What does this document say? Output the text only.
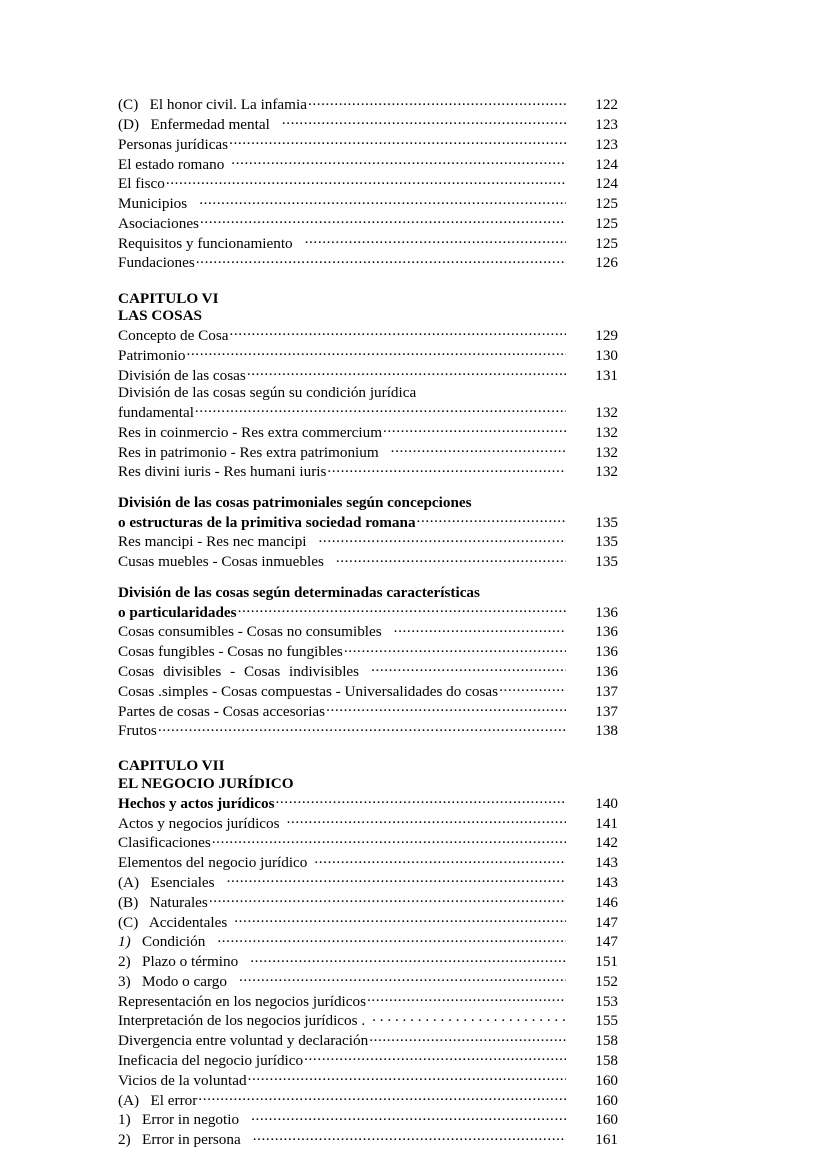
(C) El honor civil. La infamia .....	122
(D) Enfermedad mental .....	123
Personas jurídicas .....	123
El estado romano .....	124
El fisco .....	124
Municipios .....	125
Asociaciones .....	125
Requisitos y funcionamiento .....	125
Fundaciones .....	126
CAPITULO VI
LAS COSAS
Concepto de Cosa .....	129
Patrimonio .....	130
División de las cosas .....	131
División de las cosas según su condición jurídica
fundamental .....	132
Res in coinmercio - Res extra commercium .....	132
Res in patrimonio - Res extra patrimonium .....	132
Res divini iuris - Res humani iuris .....	132
División de las cosas patrimoniales según concepciones
o estructuras de la primitiva sociedad romana .....	135
Res mancipi - Res nec mancipi .....	135
Cusas muebles - Cosas inmuebles .....	135
División de las cosas según determinadas características
o particularidades .....	136
Cosas consumibles - Cosas no consumibles .....	136
Cosas fungibles - Cosas no fungibles .....	136
Cosas divisibles - Cosas indivisibles .....	136
Cosas .simples - Cosas compuestas - Universalidades do cosas .....	137
Partes de cosas - Cosas accesorias .....	137
Frutos .....	138
CAPITULO VII
EL NEGOCIO JURÍDICO
Hechos y actos jurídicos .....	140
Actos y negocios jurídicos .....	141
Clasificaciones .....	142
Elementos del negocio jurídico .....	143
(A) Esenciales .....	143
(B) Naturales .....	146
(C) Accidentales .....	147
1) Condición .....	147
2) Plazo o término .....	151
3) Modo o cargo .....	152
Representación en los negocios jurídicos .....	153
Interpretación de los negocios jurídicos . . . .	155
Divergencia entre voluntad y declaración .....	158
Ineficacia del negocio jurídico .....	158
Vicios de la voluntad .....	160
(A) El error .....	160
1) Error in negotio .....	160
2) Error in persona .....	161
